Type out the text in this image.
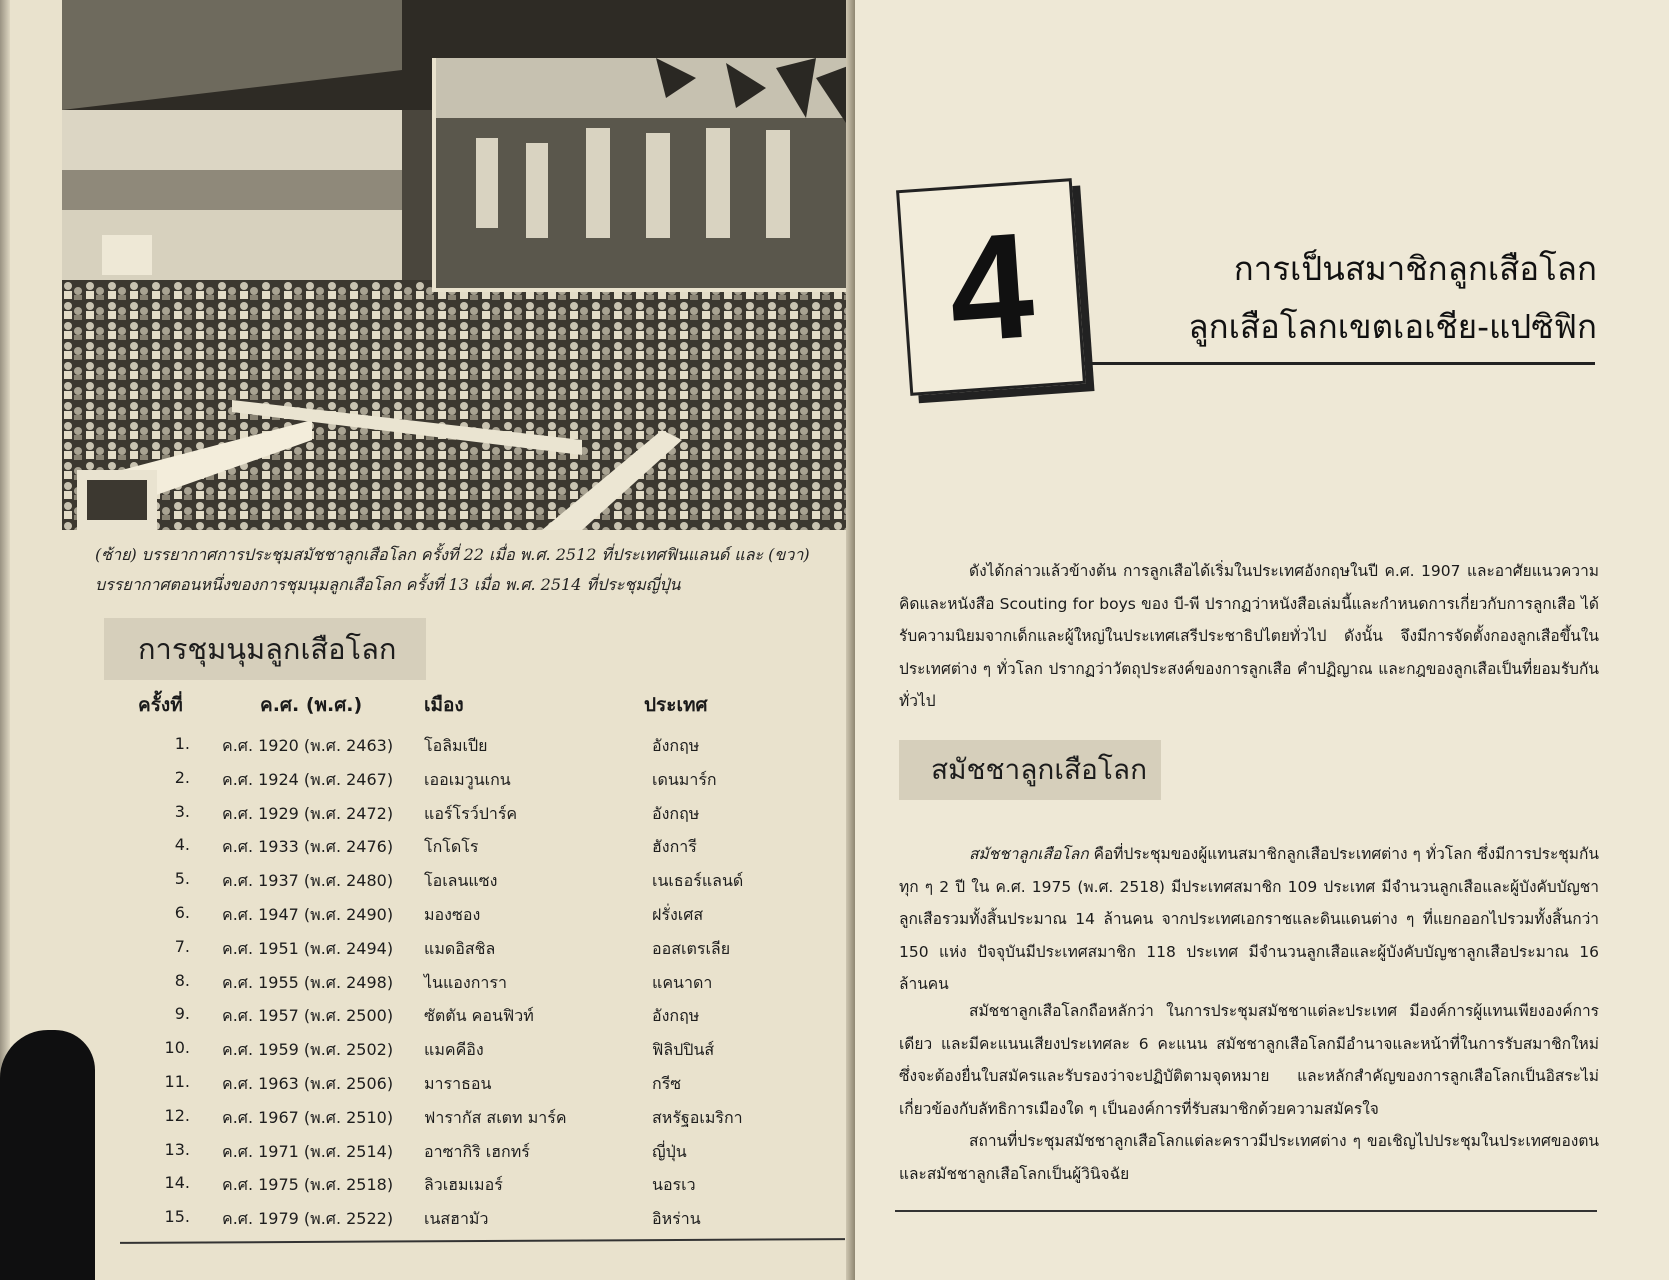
(ซ้าย) บรรยากาศการประชุมสมัชชาลูกเสือโลก ครั้งที่ 22 เมื่อ พ.ศ. 2512 ที่ประเทศฟินแลนด์ และ (ขวา)
บรรยากาศตอนหนึ่งของการชุมนุมลูกเสือโลก ครั้งที่ 13 เมื่อ พ.ศ. 2514 ที่ประชุมญี่ปุ่น
การชุมนุมลูกเสือโลก
ครั้งที่	ค.ศ. (พ.ศ.)	เมือง	ประเทศ
1. ค.ศ. 1920 (พ.ศ. 2463) โอลิมเปีย	อังกฤษ
2. ค.ศ. 1924 (พ.ศ. 2467) เออเมวูนเกน	เดนมาร์ก
3. ค.ศ. 1929 (พ.ศ. 2472) แอร์โรว์ปาร์ค	อังกฤษ
4. ค.ศ. 1933 (พ.ศ. 2476) โกโดโร	ฮังการี
5. ค.ศ. 1937 (พ.ศ. 2480) โอเลนแซง	เนเธอร์แลนด์
6. ค.ศ. 1947 (พ.ศ. 2490) มองซอง	ฝรั่งเศส
7. ค.ศ. 1951 (พ.ศ. 2494) แมดอิสชิล	ออสเตรเลีย
8. ค.ศ. 1955 (พ.ศ. 2498) ไนแองการา	แคนาดา
9. ค.ศ. 1957 (พ.ศ. 2500) ซัตตัน คอนฟิวท์	อังกฤษ
10. ค.ศ. 1959 (พ.ศ. 2502) แมคคีอิง	ฟิลิปปินส์
11. ค.ศ. 1963 (พ.ศ. 2506) มาราธอน	กรีซ
12. ค.ศ. 1967 (พ.ศ. 2510) ฟารากัส สเตท มาร์ค	สหรัฐอเมริกา
13. ค.ศ. 1971 (พ.ศ. 2514) อาซากิริ เฮกทร์	ญี่ปุ่น
14. ค.ศ. 1975 (พ.ศ. 2518) ลิวเฮมเมอร์	นอรเว
15. ค.ศ. 1979 (พ.ศ. 2522) เนสฮามัว	อิหร่าน
4	การเป็นสมาชิกลูกเสือโลก
ลูกเสือโลกเขตเอเชีย-แปซิฟิก
ดังได้กล่าวแล้วข้างต้น การลูกเสือได้เริ่มในประเทศอังกฤษในปี ค.ศ. 1907 และอาศัยแนวความคิดและหนังสือ Scouting for boys ของ บี-พี ปรากฏว่าหนังสือเล่มนี้และกำหนดการเกี่ยวกับการลูกเสือ ได้รับความนิยมจากเด็กและผู้ใหญ่ในประเทศเสรีประชาธิปไตยทั่วไป ดังนั้น จึงมีการจัดตั้งกองลูกเสือขึ้นในประเทศต่าง ๆ ทั่วโลก ปรากฏว่าวัตถุประสงค์ของการลูกเสือ คำปฏิญาณ และกฎของลูกเสือเป็นที่ยอมรับกันทั่วไป
สมัชชาลูกเสือโลก
สมัชชาลูกเสือโลก คือที่ประชุมของผู้แทนสมาชิกลูกเสือประเทศต่าง ๆ ทั่วโลก ซึ่งมีการประชุมกันทุก ๆ 2 ปี ใน ค.ศ. 1975 (พ.ศ. 2518) มีประเทศสมาชิก 109 ประเทศ มีจำนวนลูกเสือและผู้บังคับบัญชาลูกเสือรวมทั้งสิ้นประมาณ 14 ล้านคน จากประเทศเอกราชและดินแดนต่าง ๆ ที่แยกออกไปรวมทั้งสิ้นกว่า 150 แห่ง ปัจจุบันมีประเทศสมาชิก 118 ประเทศ มีจำนวนลูกเสือและผู้บังคับบัญชาลูกเสือประมาณ 16 ล้านคน
สมัชชาลูกเสือโลกถือหลักว่า ในการประชุมสมัชชาแต่ละประเทศ มีองค์การผู้แทนเพียงองค์การเดียว และมีคะแนนเสียงประเทศละ 6 คะแนน สมัชชาลูกเสือโลกมีอำนาจและหน้าที่ในการรับสมาชิกใหม่ ซึ่งจะต้องยื่นใบสมัครและรับรองว่าจะปฏิบัติตามจุดหมาย และหลักสำคัญของการลูกเสือโลกเป็นอิสระไม่เกี่ยวข้องกับลัทธิการเมืองใด ๆ เป็นองค์การที่รับสมาชิกด้วยความสมัครใจ
สถานที่ประชุมสมัชชาลูกเสือโลกแต่ละคราวมีประเทศต่าง ๆ ขอเชิญไปประชุมในประเทศของตน และสมัชชาลูกเสือโลกเป็นผู้วินิจฉัย
